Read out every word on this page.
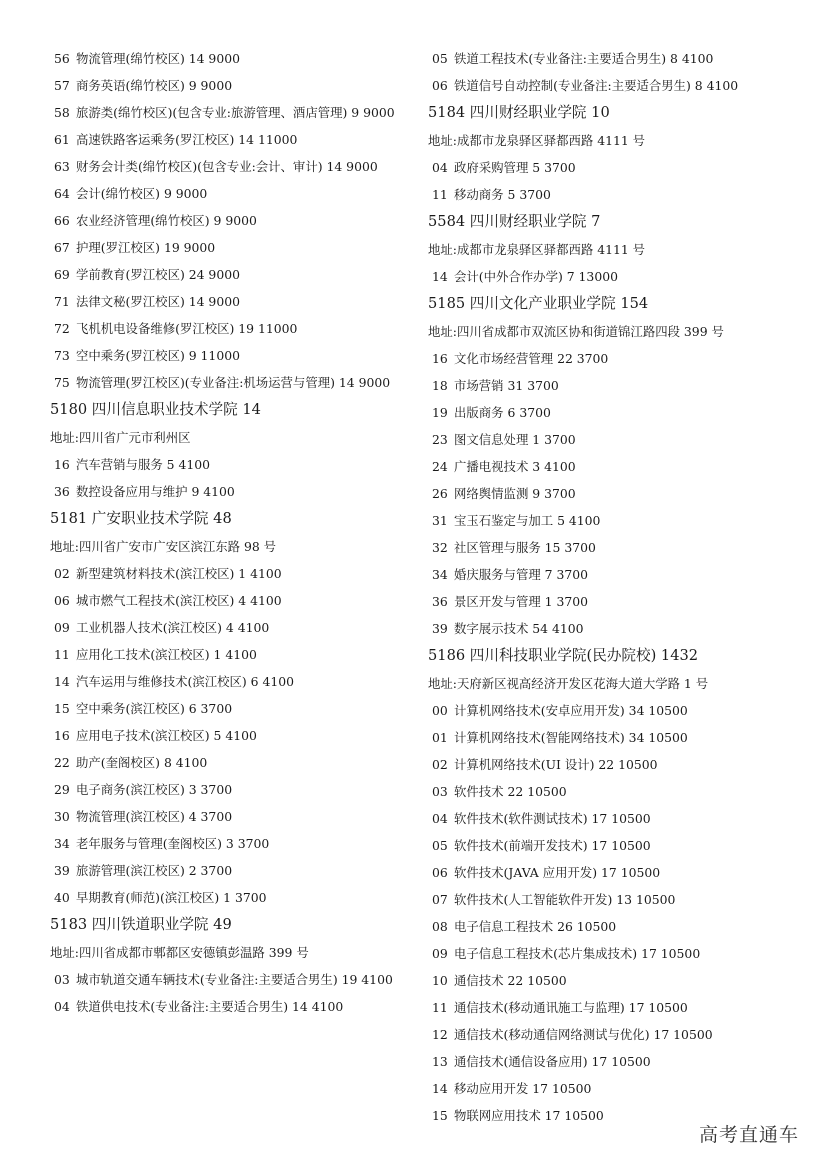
56 物流管理(绵竹校区) 14 9000
57 商务英语(绵竹校区) 9 9000
58 旅游类(绵竹校区)(包含专业:旅游管理、酒店管理) 9 9000
61 高速铁路客运乘务(罗江校区) 14 11000
63 财务会计类(绵竹校区)(包含专业:会计、审计) 14 9000
64 会计(绵竹校区) 9 9000
66 农业经济管理(绵竹校区) 9 9000
67 护理(罗江校区) 19 9000
69 学前教育(罗江校区) 24 9000
71 法律文秘(罗江校区) 14 9000
72 飞机机电设备维修(罗江校区) 19 11000
73 空中乘务(罗江校区) 9 11000
75 物流管理(罗江校区)(专业备注:机场运营与管理) 14 9000
5180 四川信息职业技术学院 14
地址:四川省广元市利州区
16 汽车营销与服务 5 4100
36 数控设备应用与维护 9 4100
5181 广安职业技术学院 48
地址:四川省广安市广安区滨江东路 98 号
02 新型建筑材料技术(滨江校区) 1 4100
06 城市燃气工程技术(滨江校区) 4 4100
09 工业机器人技术(滨江校区) 4 4100
11 应用化工技术(滨江校区) 1 4100
14 汽车运用与维修技术(滨江校区) 6 4100
15 空中乘务(滨江校区) 6 3700
16 应用电子技术(滨江校区) 5 4100
22 助产(奎阁校区) 8 4100
29 电子商务(滨江校区) 3 3700
30 物流管理(滨江校区) 4 3700
34 老年服务与管理(奎阁校区) 3 3700
39 旅游管理(滨江校区) 2 3700
40 早期教育(师范)(滨江校区) 1 3700
5183 四川铁道职业学院 49
地址:四川省成都市郫都区安德镇彭温路 399 号
03 城市轨道交通车辆技术(专业备注:主要适合男生) 19 4100
04 铁道供电技术(专业备注:主要适合男生) 14 4100
05 铁道工程技术(专业备注:主要适合男生) 8 4100
06 铁道信号自动控制(专业备注:主要适合男生) 8 4100
5184 四川财经职业学院 10
地址:成都市龙泉驿区驿都西路 4111 号
04 政府采购管理 5 3700
11 移动商务 5 3700
5584 四川财经职业学院 7
地址:成都市龙泉驿区驿都西路 4111 号
14 会计(中外合作办学) 7 13000
5185 四川文化产业职业学院 154
地址:四川省成都市双流区协和街道锦江路四段 399 号
16 文化市场经营管理 22 3700
18 市场营销 31 3700
19 出版商务 6 3700
23 图文信息处理 1 3700
24 广播电视技术 3 4100
26 网络舆情监测 9 3700
31 宝玉石鉴定与加工 5 4100
32 社区管理与服务 15 3700
34 婚庆服务与管理 7 3700
36 景区开发与管理 1 3700
39 数字展示技术 54 4100
5186 四川科技职业学院(民办院校) 1432
地址:天府新区视高经济开发区花海大道大学路 1 号
00 计算机网络技术(安卓应用开发) 34 10500
01 计算机网络技术(智能网络技术) 34 10500
02 计算机网络技术(UI 设计) 22 10500
03 软件技术 22 10500
04 软件技术(软件测试技术) 17 10500
05 软件技术(前端开发技术) 17 10500
06 软件技术(JAVA 应用开发) 17 10500
07 软件技术(人工智能软件开发) 13 10500
08 电子信息工程技术 26 10500
09 电子信息工程技术(芯片集成技术) 17 10500
10 通信技术 22 10500
11 通信技术(移动通讯施工与监理) 17 10500
12 通信技术(移动通信网络测试与优化) 17 10500
13 通信技术(通信设备应用) 17 10500
14 移动应用开发 17 10500
15 物联网应用技术 17 10500
高考直通车
